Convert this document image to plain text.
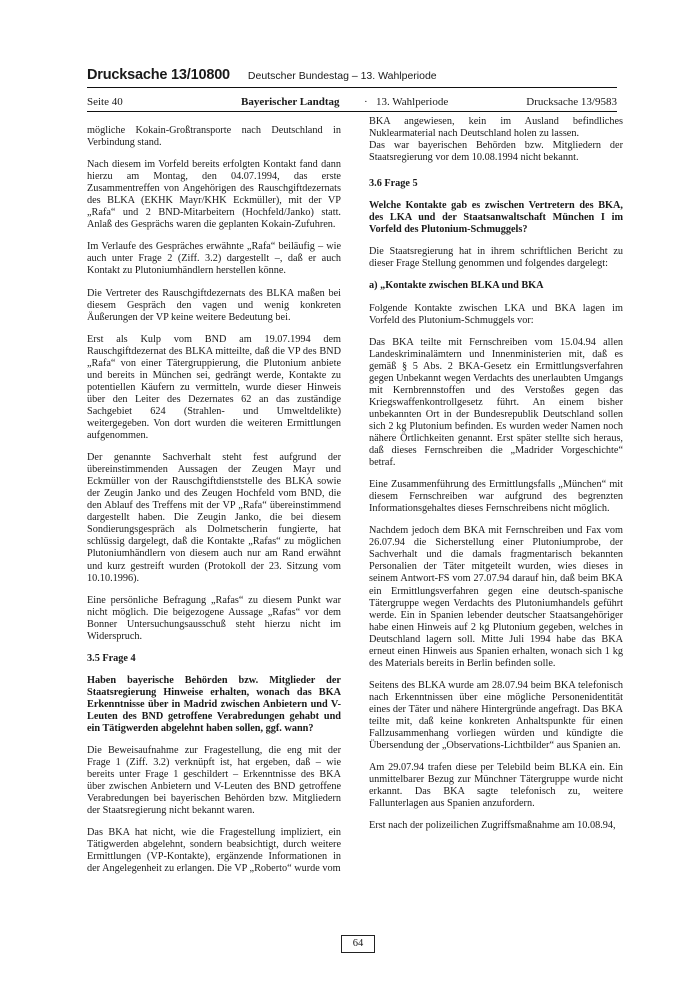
Drucksache 13/10800 Deutscher Bundestag – 13. Wahlperiode
Seite 40	Bayerischer Landtag · 13. Wahlperiode	Drucksache 13/9583

mögliche Kokain-Großtransporte nach Deutschland in Verbindung stand.

Nach diesem im Vorfeld bereits erfolgten Kontakt fand dann hierzu am Montag, den 04.07.1994, das erste Zusammentreffen von Angehörigen des Rauschgiftdezernats des BLKA (EKHK Mayr/KHK Eckmüller), mit der VP „Rafa“ und 2 BND-Mitarbeitern (Hochfeld/Janko) statt. Anlaß des Gesprächs waren die geplanten Kokain-Zufuhren.

Im Verlaufe des Gespräches erwähnte „Rafa“ beiläufig – wie auch unter Frage 2 (Ziff. 3.2) dargestellt –, daß er auch Kontakt zu Plutoniumhändlern herstellen könne.

Die Vertreter des Rauschgiftdezernats des BLKA maßen bei diesem Gespräch den vagen und wenig konkreten Äußerungen der VP keine weitere Bedeutung bei.

Erst als Kulp vom BND am 19.07.1994 dem Rauschgiftdezernat des BLKA mitteilte, daß die VP des BND „Rafa“ von einer Tätergruppierung, die Plutonium anbiete und bereits in München sei, gedrängt werde, Kontakte zu potentiellen Käufern zu vermitteln, wurde dieser Hinweis über den Leiter des Dezernates 62 an das zuständige Sachgebiet 624 (Strahlen- und Umweltdelikte) weitergegeben. Von dort wurden die weiteren Ermittlungen aufgenommen.

Der genannte Sachverhalt steht fest aufgrund der übereinstimmenden Aussagen der Zeugen Mayr und Eckmüller von der Rauschgiftdienststelle des BLKA sowie der Zeugin Janko und des Zeugen Hochfeld vom BND, die den Ablauf des Treffens mit der VP „Rafa“ übereinstimmend dargestellt haben. Die Zeugin Janko, die bei diesem Sondierungsgespräch als Dolmetscherin fungierte, hat schlüssig dargelegt, daß die Kontakte „Rafas“ zu möglichen Plutoniumhändlern von diesem auch nur am Rand erwähnt und kurz gestreift wurden (Protokoll der 23. Sitzung vom 10.10.1996).

Eine persönliche Befragung „Rafas“ zu diesem Punkt war nicht möglich. Die beigezogene Aussage „Rafas“ vor dem Bonner Untersuchungsausschuß steht hierzu nicht im Widerspruch.

3.5 Frage 4

Haben bayerische Behörden bzw. Mitglieder der Staatsregierung Hinweise erhalten, wonach das BKA Erkenntnisse über in Madrid zwischen Anbietern und V-Leuten des BND getroffene Verabredungen gehabt und ein Tätigwerden abgelehnt haben sollen, ggf. wann?

Die Beweisaufnahme zur Fragestellung, die eng mit der Frage 1 (Ziff. 3.2) verknüpft ist, hat ergeben, daß – wie bereits unter Frage 1 geschildert – Erkenntnisse des BKA über zwischen Anbietern und V-Leuten des BND getroffene Verabredungen bei bayerischen Behörden bzw. Mitgliedern der Staatsregierung nicht bekannt waren.

Das BKA hat nicht, wie die Fragestellung impliziert, ein Tätigwerden abgelehnt, sondern beabsichtigt, durch weitere Ermittlungen (VP-Kontakte), ergänzende Informationen in der Angelegenheit zu erlangen. Die VP „Roberto“ wurde vom

BKA angewiesen, kein im Ausland befindliches Nuklearmaterial nach Deutschland holen zu lassen.

Das war bayerischen Behörden bzw. Mitgliedern der Staatsregierung vor dem 10.08.1994 nicht bekannt.

3.6 Frage 5

Welche Kontakte gab es zwischen Vertretern des BKA, des LKA und der Staatsanwaltschaft München I im Vorfeld des Plutonium-Schmuggels?

Die Staatsregierung hat in ihrem schriftlichen Bericht zu dieser Frage Stellung genommen und folgendes dargelegt:

a) „Kontakte zwischen BLKA und BKA

Folgende Kontakte zwischen LKA und BKA lagen im Vorfeld des Plutonium-Schmuggels vor:

Das BKA teilte mit Fernschreiben vom 15.04.94 allen Landeskriminalämtern und Innenministerien mit, daß es gemäß § 5 Abs. 2 BKA-Gesetz ein Ermittlungsverfahren gegen Unbekannt wegen Verdachts des unerlaubten Umgangs mit Kernbrennstoffen und des Verstoßes gegen das Kriegswaffenkontrollgesetz führt. An einem bisher unbekannten Ort in der Bundesrepublik Deutschland sollen sich 2 kg Plutonium befinden. Es wurden weder Namen noch nähere Örtlichkeiten genannt. Erst später stellte sich heraus, daß dieses Fernschreiben die „Madrider Vorgeschichte“ betraf.

Eine Zusammenführung des Ermittlungsfalls „München“ mit diesem Fernschreiben war aufgrund des begrenzten Informationsgehaltes dieses Fernschreibens nicht möglich.

Nachdem jedoch dem BKA mit Fernschreiben und Fax vom 26.07.94 die Sicherstellung einer Plutoniumprobe, der Sachverhalt und die damals fragmentarisch bekannten Personalien der Täter mitgeteilt wurden, wies dieses in seinem Antwort-FS vom 27.07.94 darauf hin, daß beim BKA ein Ermittlungsverfahren gegen eine deutsch-spanische Tätergruppe wegen Verdachts des Plutoniumhandels geführt werde. Ein in Spanien lebender deutscher Staatsangehöriger habe einen Hinweis auf 2 kg Plutonium gegeben, welches in Deutschland lagern soll. Mitte Juli 1994 habe das BKA erneut einen Hinweis aus Spanien erhalten, wonach sich 1 kg des Materials bereits in Berlin befinden solle.

Seitens des BLKA wurde am 28.07.94 beim BKA telefonisch nach Erkenntnissen über eine mögliche Personenidentität eines der Täter und nähere Hintergründe angefragt. Das BKA teilte mit, daß keine konkreten Anhaltspunkte für einen Fallzusammenhang vorliegen würden und kündigte die Übersendung der „Observations-Lichtbilder“ aus Spanien an.

Am 29.07.94 trafen diese per Telebild beim BLKA ein. Ein unmittelbarer Bezug zur Münchner Tätergruppe wurde nicht erkannt. Das BKA sagte telefonisch zu, weitere Fallunterlagen aus Spanien anzufordern.

Erst nach der polizeilichen Zugriffsmaßnahme am 10.08.94,

64
